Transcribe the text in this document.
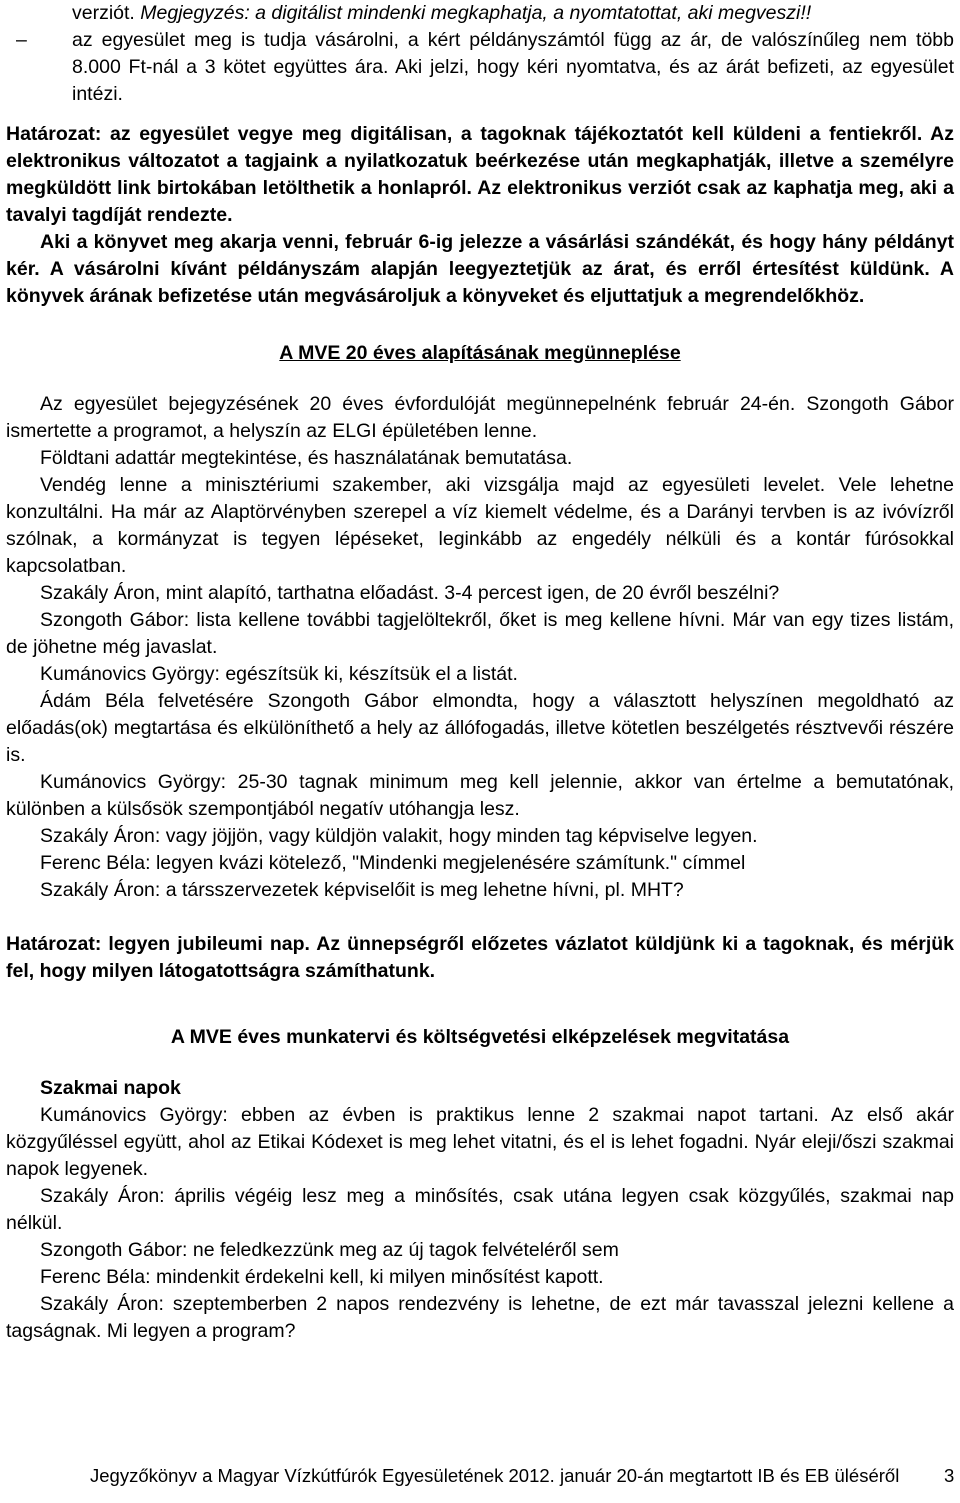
verziót. Megjegyzés: a digitálist mindenki megkaphatja, a nyomtatottat, aki megveszi!!

– az egyesület meg is tudja vásárolni, a kért példányszámtól függ az ár, de valószínűleg nem több 8.000 Ft-nál a 3 kötet együttes ára. Aki jelzi, hogy kéri nyomtatva, és az árát befizeti, az egyesület intézi.

Határozat: az egyesület vegye meg digitálisan, a tagoknak tájékoztatót kell küldeni a fentiekről. Az elektronikus változatot a tagjaink a nyilatkozatuk beérkezése után megkaphatják, illetve a személyre megküldött link birtokában letölthetik a honlapról. Az elektronikus verziót csak az kaphatja meg, aki a tavalyi tagdíját rendezte.

Aki a könyvet meg akarja venni, február 6-ig jelezze a vásárlási szándékát, és hogy hány példányt kér. A vásárolni kívánt példányszám alapján leegyeztetjük az árat, és erről értesítést küldünk. A könyvek árának befizetése után megvásároljuk a könyveket és eljuttatjuk a megrendelőkhöz.

A MVE 20 éves alapításának megünneplése

Az egyesület bejegyzésének 20 éves évfordulóját megünnepelnénk február 24-én. Szongoth Gábor ismertette a programot, a helyszín az ELGI épületében lenne.

Földtani adattár megtekintése, és használatának bemutatása.

Vendég lenne a minisztériumi szakember, aki vizsgálja majd az egyesületi levelet. Vele lehetne konzultálni. Ha már az Alaptörvényben szerepel a víz kiemelt védelme, és a Darányi tervben is az ivóvízről szólnak, a kormányzat is tegyen lépéseket, leginkább az engedély nélküli és a kontár fúrósokkal kapcsolatban.

Szakály Áron, mint alapító, tarthatna előadást. 3-4 percest igen, de 20 évről beszélni?

Szongoth Gábor: lista kellene további tagjelöltekről, őket is meg kellene hívni. Már van egy tizes listám, de jöhetne még javaslat.

Kumánovics György: egészítsük ki, készítsük el a listát.

Ádám Béla felvetésére Szongoth Gábor elmondta, hogy a választott helyszínen megoldható az előadás(ok) megtartása és elkülöníthető a hely az állófogadás, illetve kötetlen beszélgetés résztvevői részére is.

Kumánovics György: 25-30 tagnak minimum meg kell jelennie, akkor van értelme a bemutatónak, különben a külsősök szempontjából negatív utóhangja lesz.

Szakály Áron: vagy jöjjön, vagy küldjön valakit, hogy minden tag képviselve legyen.

Ferenc Béla: legyen kvázi kötelező, "Mindenki megjelenésére számítunk." címmel

Szakály Áron: a társszervezetek képviselőit is meg lehetne hívni, pl. MHT?

Határozat: legyen jubileumi nap. Az ünnepségről előzetes vázlatot küldjünk ki a tagoknak, és mérjük fel, hogy milyen látogatottságra számíthatunk.

A MVE éves munkatervi és költségvetési elképzelések megvitatása

Szakmai napok

Kumánovics György: ebben az évben is praktikus lenne 2 szakmai napot tartani. Az első akár közgyűléssel együtt, ahol az Etikai Kódexet is meg lehet vitatni, és el is lehet fogadni. Nyár eleji/őszi szakmai napok legyenek.

Szakály Áron: április végéig lesz meg a minősítés, csak utána legyen csak közgyűlés, szakmai nap nélkül.

Szongoth Gábor: ne feledkezzünk meg az új tagok felvételéről sem

Ferenc Béla: mindenkit érdekelni kell, ki milyen minősítést kapott.

Szakály Áron: szeptemberben 2 napos rendezvény is lehetne, de ezt már tavasszal jelezni kellene a tagságnak. Mi legyen a program?

Jegyzőkönyv a Magyar Vízkútfúrók Egyesületének 2012. január 20-án megtartott IB és EB üléséről 3
